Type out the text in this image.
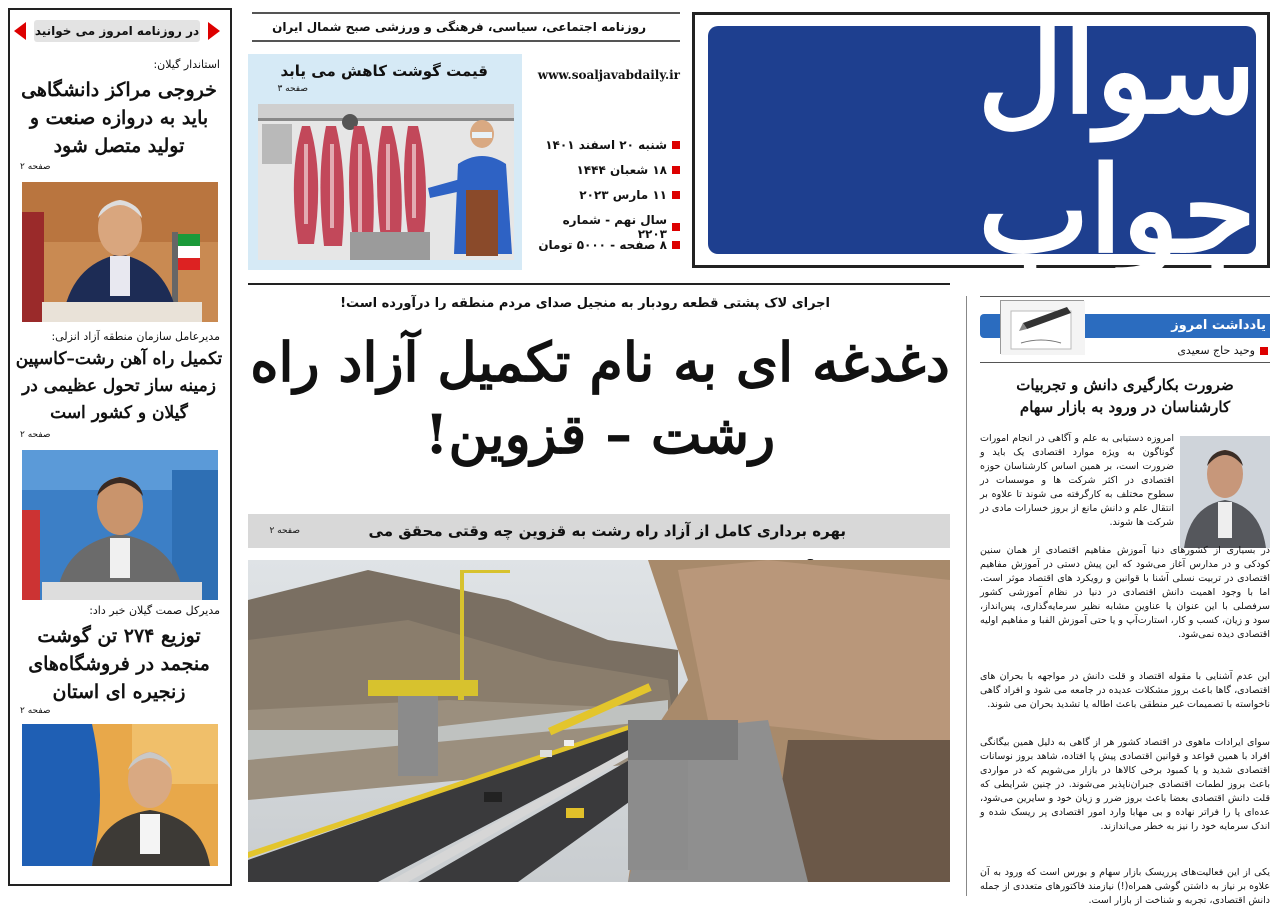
در روزنامه امروز می خوانید
استاندار گیلان:
خروجی مراکز دانشگاهی باید به دروازه صنعت و تولید متصل شود
صفحه ۲
مدیرعامل سازمان منطقه آزاد انزلی:
تکمیل راه آهن رشت–کاسپین زمینه ساز تحول عظیمی در گیلان و کشور است
صفحه ۲
مدیرکل صمت گیلان خبر داد:
توزیع ۲۷۴ تن گوشت منجمد در فروشگاه‌های زنجیره ای استان
صفحه ۲
سوال جواب
روزنامه اجتماعی، سیاسی، فرهنگی و ورزشی صبح شمال ایران
قیمت گوشت کاهش می یابد
صفحه ۳
www.soaljavabdaily.ir
شنبه ۲۰ اسفند ۱۴۰۱
۱۸ شعبان ۱۴۴۴
۱۱ مارس ۲۰۲۳
سال نهم - شماره ۲۲۰۳
۸ صفحه - ۵۰۰۰ تومان
اجرای لاک پشتی قطعه رودبار به منجیل صدای مردم منطقه را درآورده است!
دغدغه ای به نام تکمیل آزاد راه رشت – قزوین!
بهره برداری کامل از آزاد راه رشت به قزوین چه وقتی محقق می
صفحه ۲
یادداشت امروز
وحید حاج سعیدی
ضرورت بکارگیری دانش و تجربیات کارشناسان در ورود به بازار سهام
امروزه دستیابی به علم و آگاهی در انجام امورات گوناگون به ویژه موارد اقتصادی یک باید و ضرورت است، بر همین اساس کارشناسان حوزه اقتصادی در اکثر شرکت ها و موسسات در سطوح مختلف به کارگرفته می شوند تا علاوه بر انتقال علم و دانش مانع از بروز خسارات مادی در شرکت ها شوند.
در بسیاری از کشورهای دنیا آموزش مفاهیم اقتصادی از همان سنین کودکی و در مدارس آغاز می‌شود که این پیش دستی در آموزش مفاهیم اقتصادی در تربیت نسلی آشنا با قوانین و رویکرد های اقتصاد موثر است. اما با وجود اهمیت دانش اقتصادی در دنیا در نظام آموزشی کشور سرفصلی با این عنوان یا عناوین مشابه نظیر سرمایه‌گذاری، پس‌انداز، سود و زیان، کسب و کار، استارت‌آپ و یا حتی آموزش الفبا و مفاهیم اولیه اقتصادی دیده نمی‌شود.
این عدم آشنایی با مقوله اقتصاد و قلت دانش در مواجهه با بحران های اقتصادی، گاها باعث بروز مشکلات عدیده در جامعه می شود و افراد گاهی ناخواسته با تصمیمات غیر منطقی باعث اطاله یا تشدید بحران می شوند.
سوای ایرادات ماهوی در اقتصاد کشور هر از گاهی به دلیل همین بیگانگی افراد با همین قواعد و قوانین اقتصادی پیش پا افتاده، شاهد بروز نوسانات اقتصادی شدید و یا کمبود برخی کالاها در بازار می‌شویم که در مواردی باعث بروز لطمات اقتصادی جبران‌ناپذیر می‌شوند. در چنین شرایطی که قلت دانش اقتصادی بعضا باعث بروز ضرر و زیان خود و سایرین می‌شود، عده‌ای پا را فراتر نهاده و بی مهابا وارد امور اقتصادی پر ریسک شده و اندک سرمایه خود را نیز به خطر می‌اندازند.
یکی از این فعالیت‌های پرریسک بازار سهام و بورس است که ورود به آن علاوه بر نیاز به داشتن گوشی همراه(!) نیازمند فاکتورهای متعددی از جمله دانش اقتصادی، تجربه و شناخت از بازار است.
